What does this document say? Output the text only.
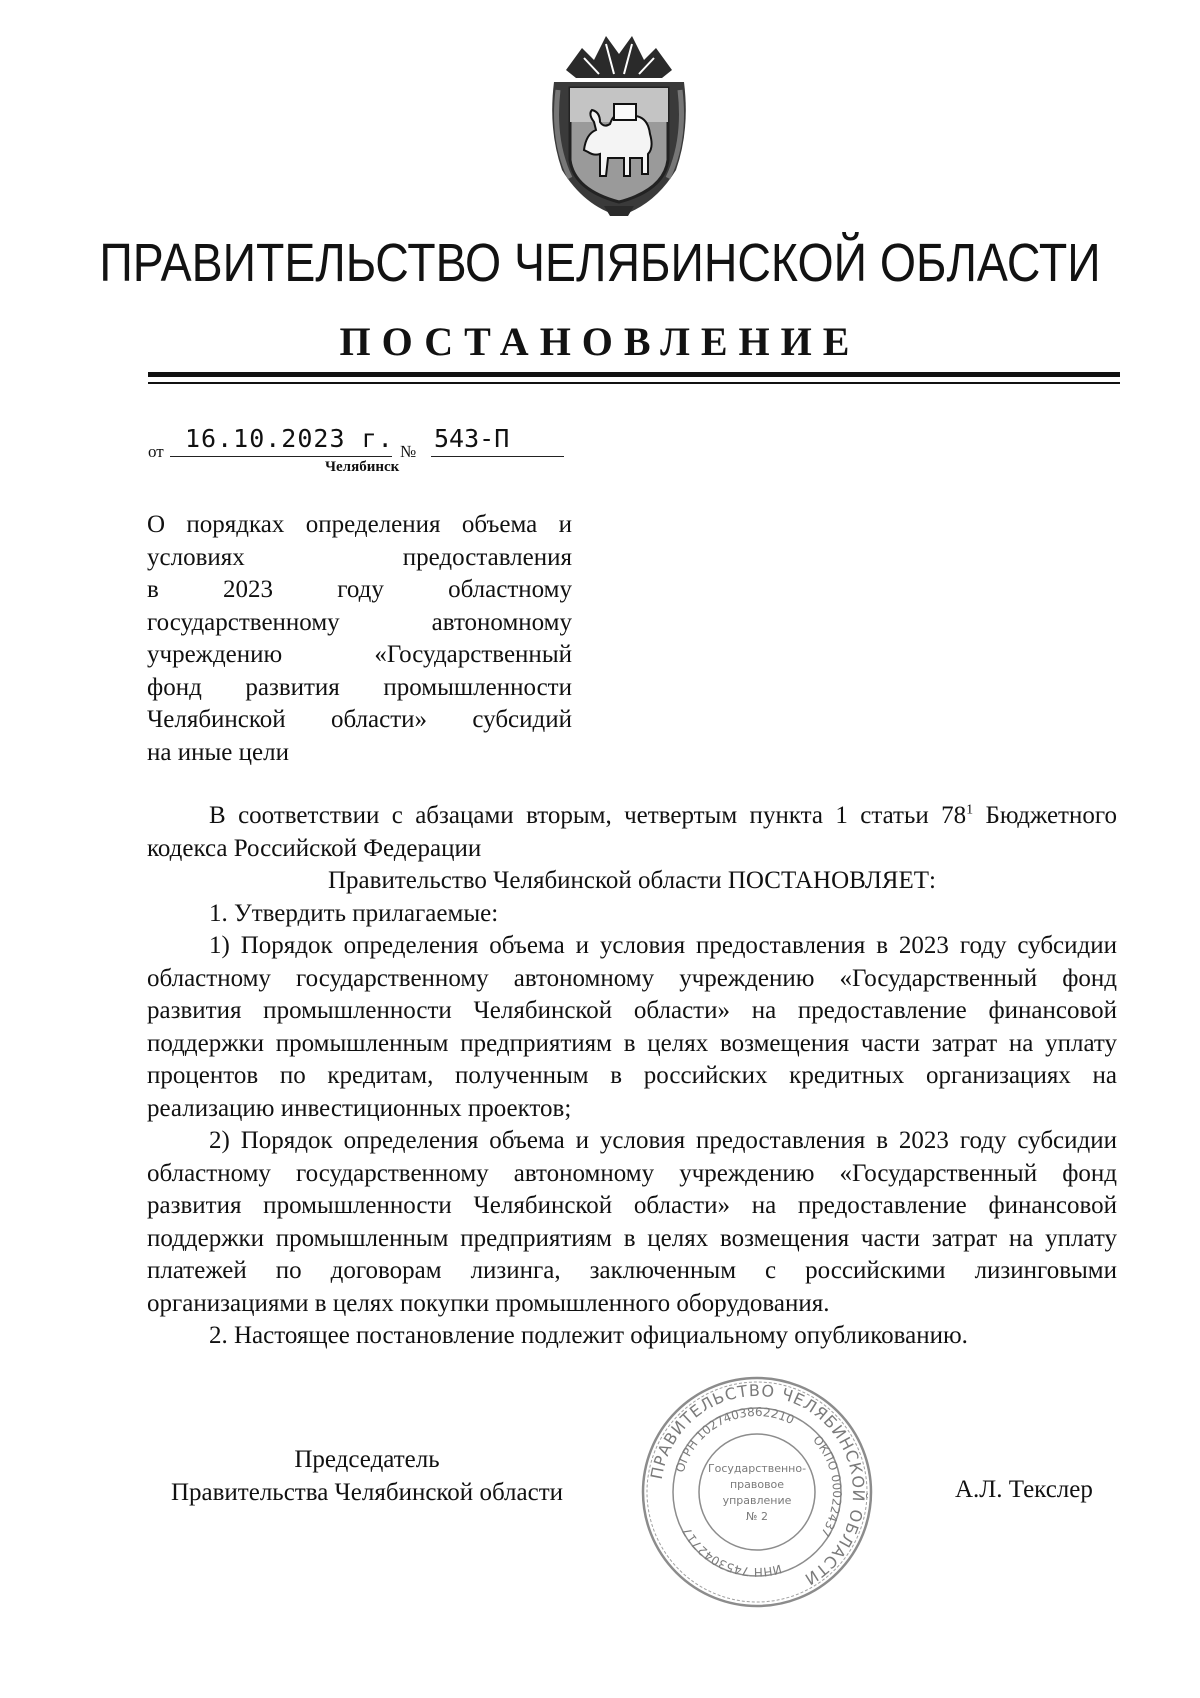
ПРАВИТЕЛЬСТВО ЧЕЛЯБИНСКОЙ ОБЛАСТИ
ПОСТАНОВЛЕНИЕ
от 16.10.2023 г. № 543-П
Челябинск
О порядках определения объема и
условиях предоставления
в 2023 году областному
государственному автономному
учреждению «Государственный
фонд развития промышленности
Челябинской области» субсидий
на иные цели

В соответствии с абзацами вторым, четвертым пункта 1 статьи $78^1$ Бюджетного кодекса Российской Федерации

Правительство Челябинской области ПОСТАНОВЛЯЕТ:

1. Утвердить прилагаемые:

1) Порядок определения объема и условия предоставления в 2023 году субсидии областному государственному автономному учреждению «Государственный фонд развития промышленности Челябинской области» на предоставление финансовой поддержки промышленным предприятиям в целях возмещения части затрат на уплату процентов по кредитам, полученным в российских кредитных организациях на реализацию инвестиционных проектов;

2) Порядок определения объема и условия предоставления в 2023 году субсидии областному государственному автономному учреждению «Государственный фонд развития промышленности Челябинской области» на предоставление финансовой поддержки промышленным предприятиям в целях возмещения части затрат на уплату платежей по договорам лизинга, заключенным с российскими лизинговыми организациями в целях покупки промышленного оборудования.

2. Настоящее постановление подлежит официальному опубликованию.

Председатель
Правительства Челябинской области	А.Л. Текслер
ПРАВИТЕЛЬСТВО ЧЕЛЯБИНСКОЙ ОБЛАСТИ
ОГРН 1027403862210
ОКПО 00022437
ИНН 7453042717
Государственно-
правовое
управление
№ 2
